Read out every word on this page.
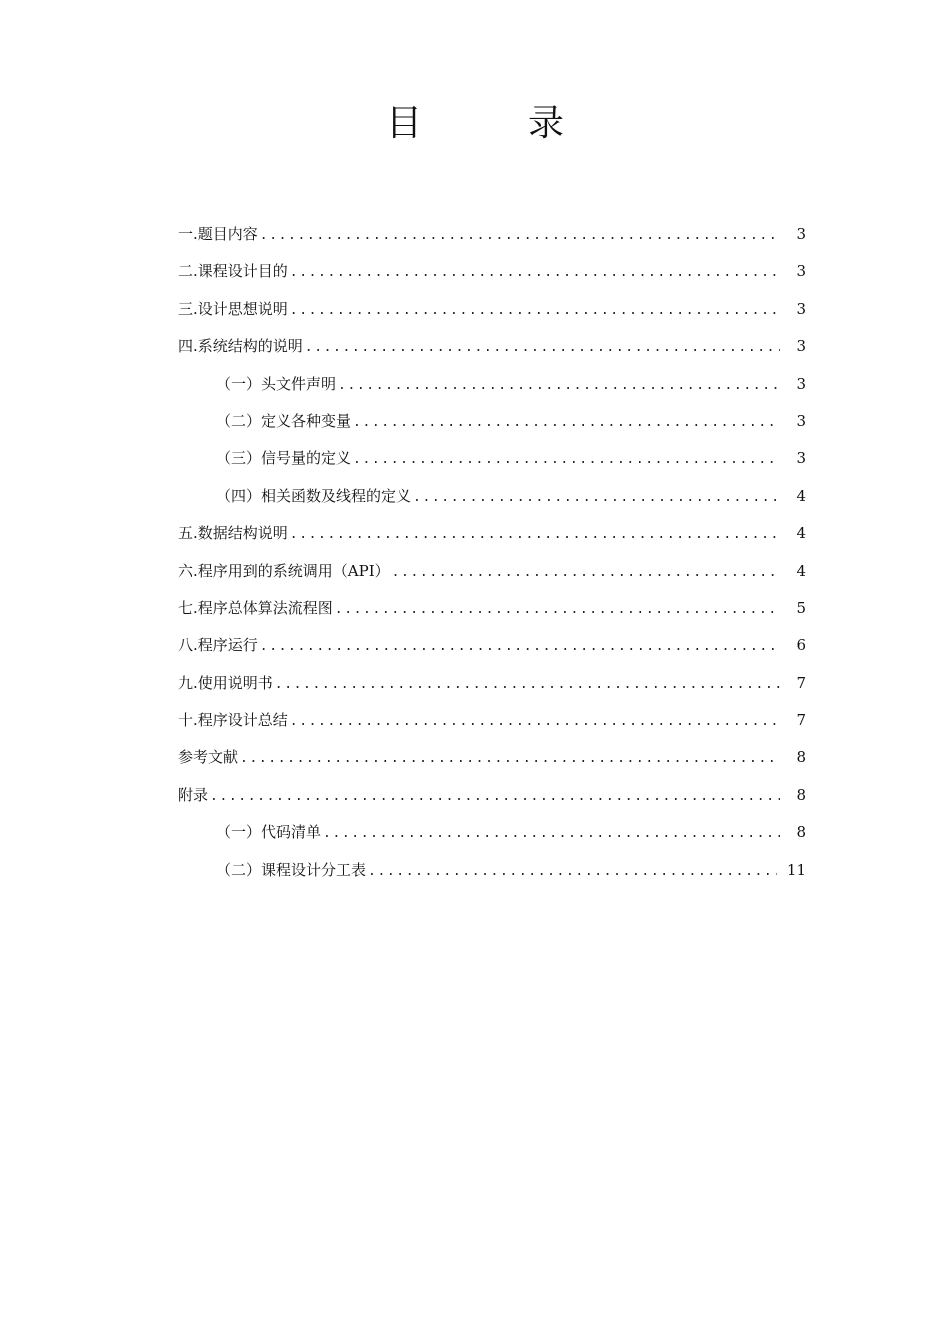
目	录
一.题目内容 .....	3
二.课程设计目的 .....	3
三.设计思想说明 .....	3
四.系统结构的说明 .....	3
（一）头文件声明 .....	3
（二）定义各种变量 .....	3
（三）信号量的定义 .....	3
（四）相关函数及线程的定义 .....	4
五.数据结构说明 .....	4
六.程序用到的系统调用（API） .....	4
七.程序总体算法流程图 .....	5
八.程序运行 .....	6
九.使用说明书 .....	7
十.程序设计总结 .....	7
参考文献 .....	8
附录 .....	8
（一）代码清单 .....	8
（二）课程设计分工表 .....	11
